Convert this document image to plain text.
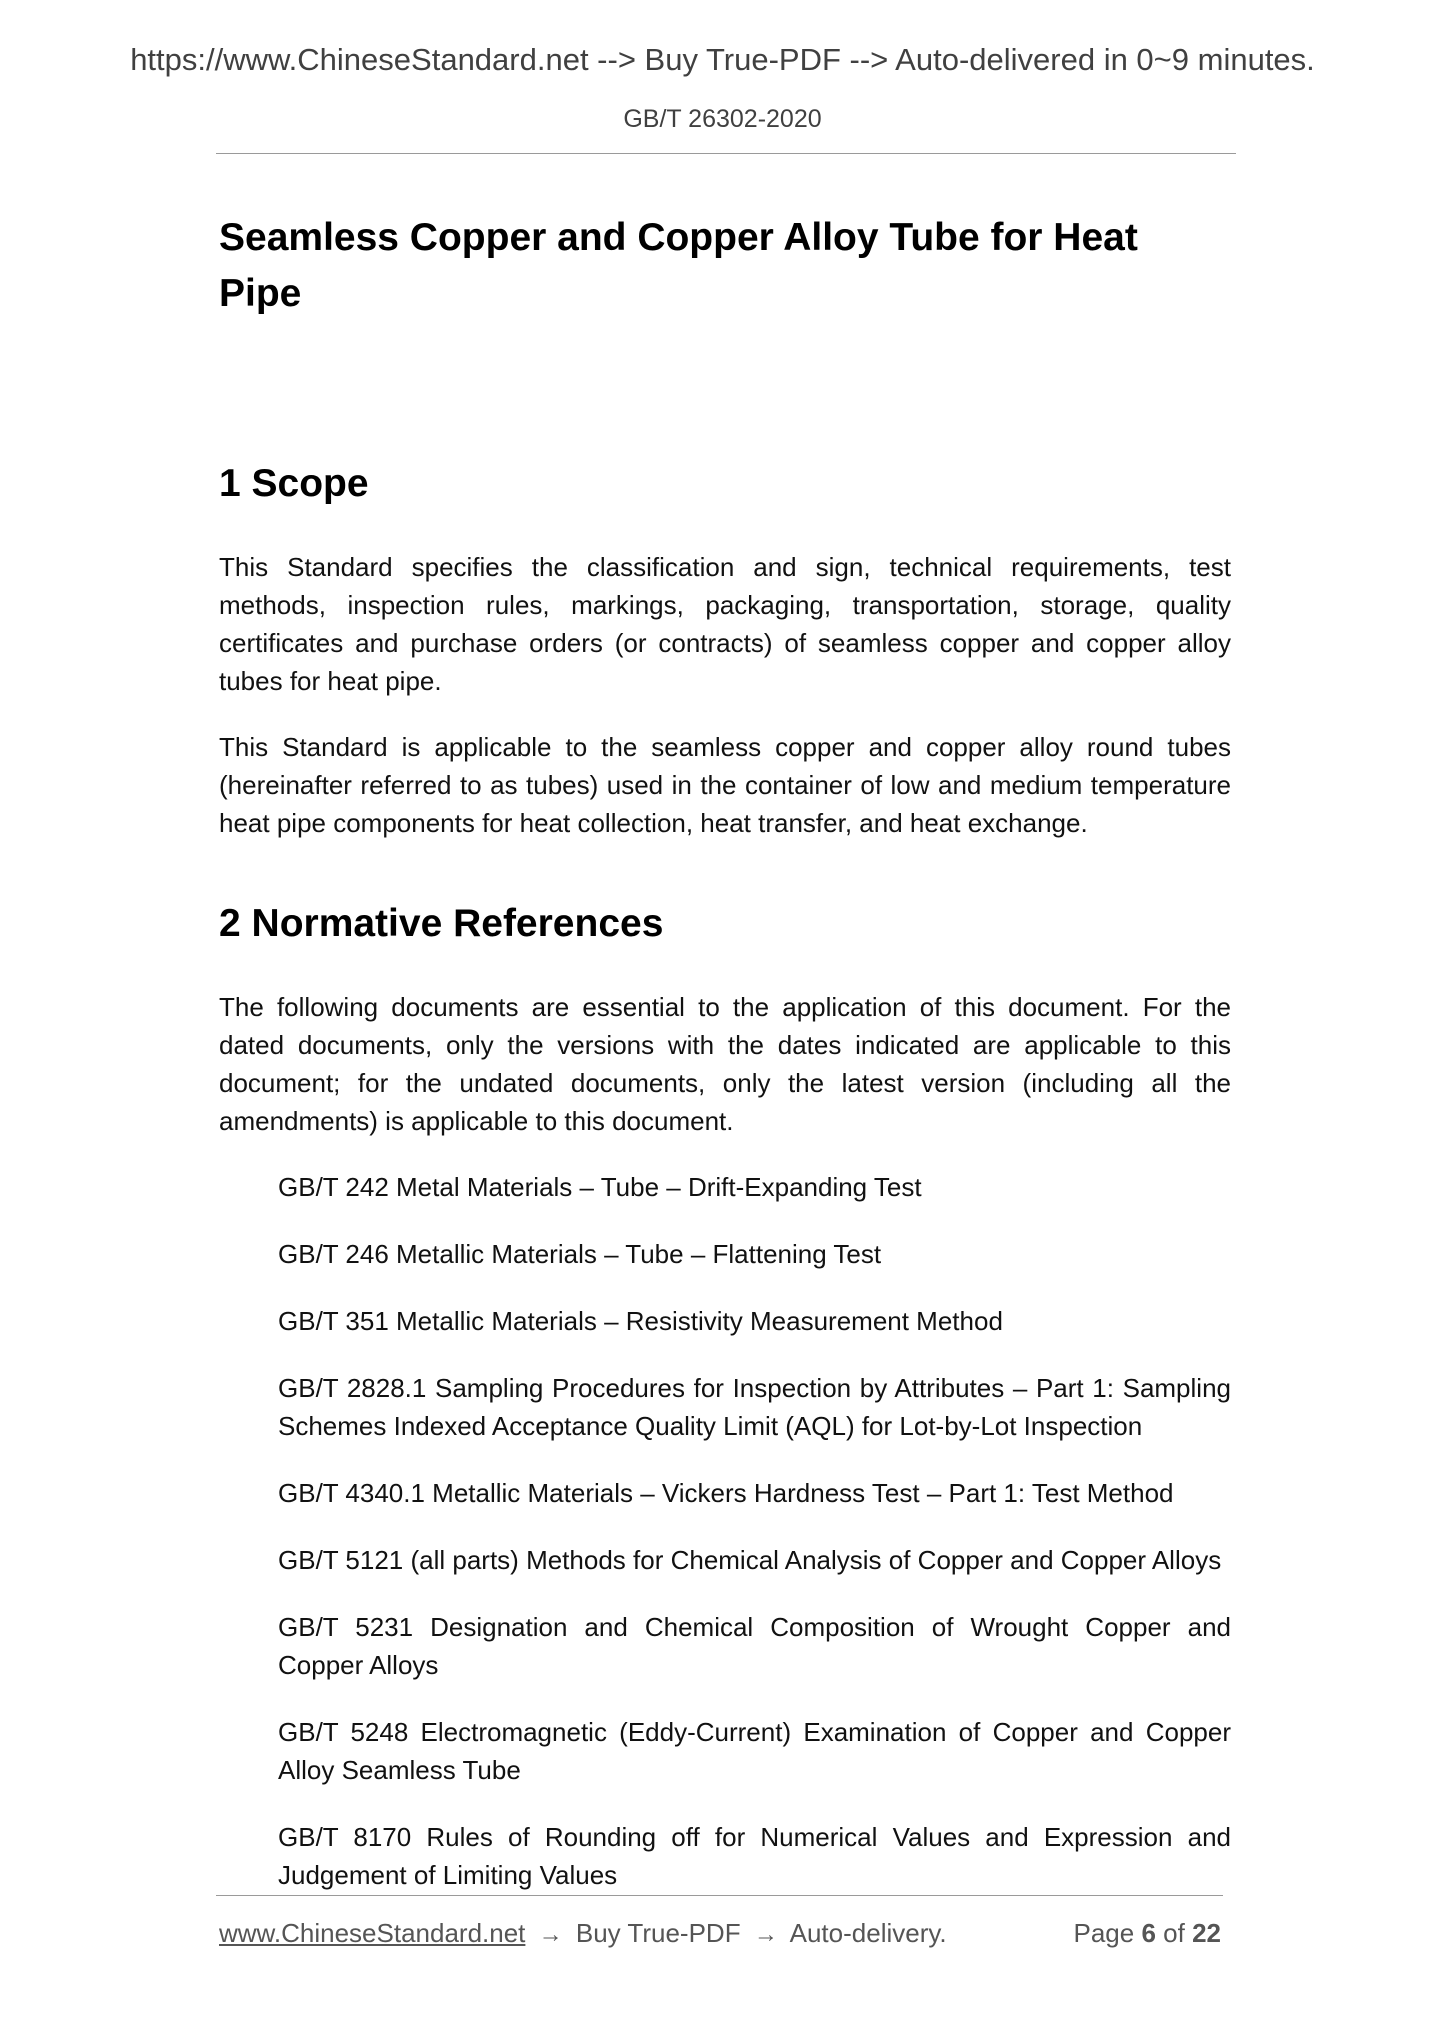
https://www.ChineseStandard.net --> Buy True-PDF --> Auto-delivered in 0~9 minutes.
GB/T 26302-2020
Seamless Copper and Copper Alloy Tube for Heat Pipe
1 Scope

This Standard specifies the classification and sign, technical requirements, test methods, inspection rules, markings, packaging, transportation, storage, quality certificates and purchase orders (or contracts) of seamless copper and copper alloy tubes for heat pipe.

This Standard is applicable to the seamless copper and copper alloy round tubes (hereinafter referred to as tubes) used in the container of low and medium temperature heat pipe components for heat collection, heat transfer, and heat exchange.

2 Normative References

The following documents are essential to the application of this document. For the dated documents, only the versions with the dates indicated are applicable to this document; for the undated documents, only the latest version (including all the amendments) is applicable to this document.

GB/T 242 Metal Materials – Tube – Drift-Expanding Test
GB/T 246 Metallic Materials – Tube – Flattening Test
GB/T 351 Metallic Materials – Resistivity Measurement Method
GB/T 2828.1 Sampling Procedures for Inspection by Attributes – Part 1: Sampling Schemes Indexed Acceptance Quality Limit (AQL) for Lot-by-Lot Inspection
GB/T 4340.1 Metallic Materials – Vickers Hardness Test – Part 1: Test Method
GB/T 5121 (all parts) Methods for Chemical Analysis of Copper and Copper Alloys
GB/T 5231 Designation and Chemical Composition of Wrought Copper and Copper Alloys
GB/T 5248 Electromagnetic (Eddy-Current) Examination of Copper and Copper Alloy Seamless Tube
GB/T 8170 Rules of Rounding off for Numerical Values and Expression and Judgement of Limiting Values
www.ChineseStandard.net → Buy True-PDF → Auto-delivery.	Page 6 of 22
